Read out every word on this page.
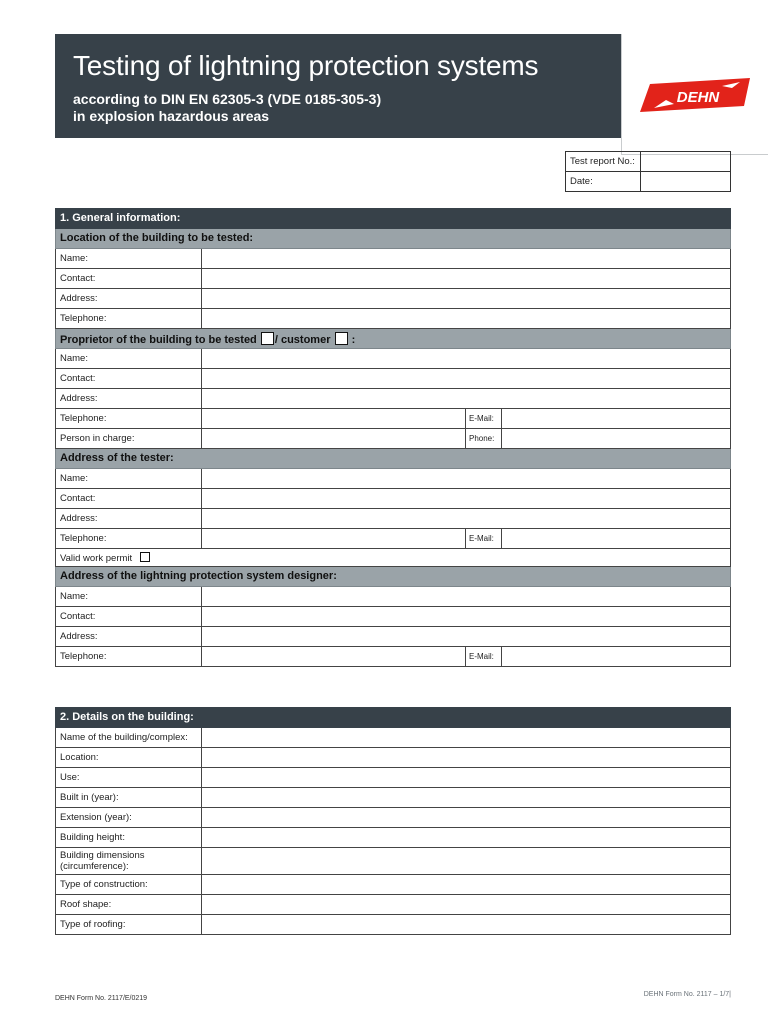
Testing of lightning protection systems
according to DIN EN 62305-3 (VDE 0185-305-3)
in explosion hazardous areas
DEHN
Test report No.:	
Date:	
1. General information:			
Location of the building to be tested:			
Name:			
Contact:			
Address:			
Telephone:			
Proprietor of the building to be tested / customer :			
Name:			
Contact:			
Address:			
Telephone:		E-Mail:	
Person in charge:		Phone:	
Address of the tester:			
Name:			
Contact:			
Address:			
Telephone:		E-Mail:	
Valid work permit			
Address of the lightning protection system designer:			
Name:			
Contact:			
Address:			
Telephone:		E-Mail:	
2. Details on the building:	
Name of the building/complex:	
Location:	
Use:	
Built in (year):	
Extension (year):	
Building height:	
Building dimensions (circumference):	
Type of construction:	
Roof shape:	
Type of roofing:	
DEHN Form No. 2117/E/0219
DEHN Form No. 2117 – 1/7|
